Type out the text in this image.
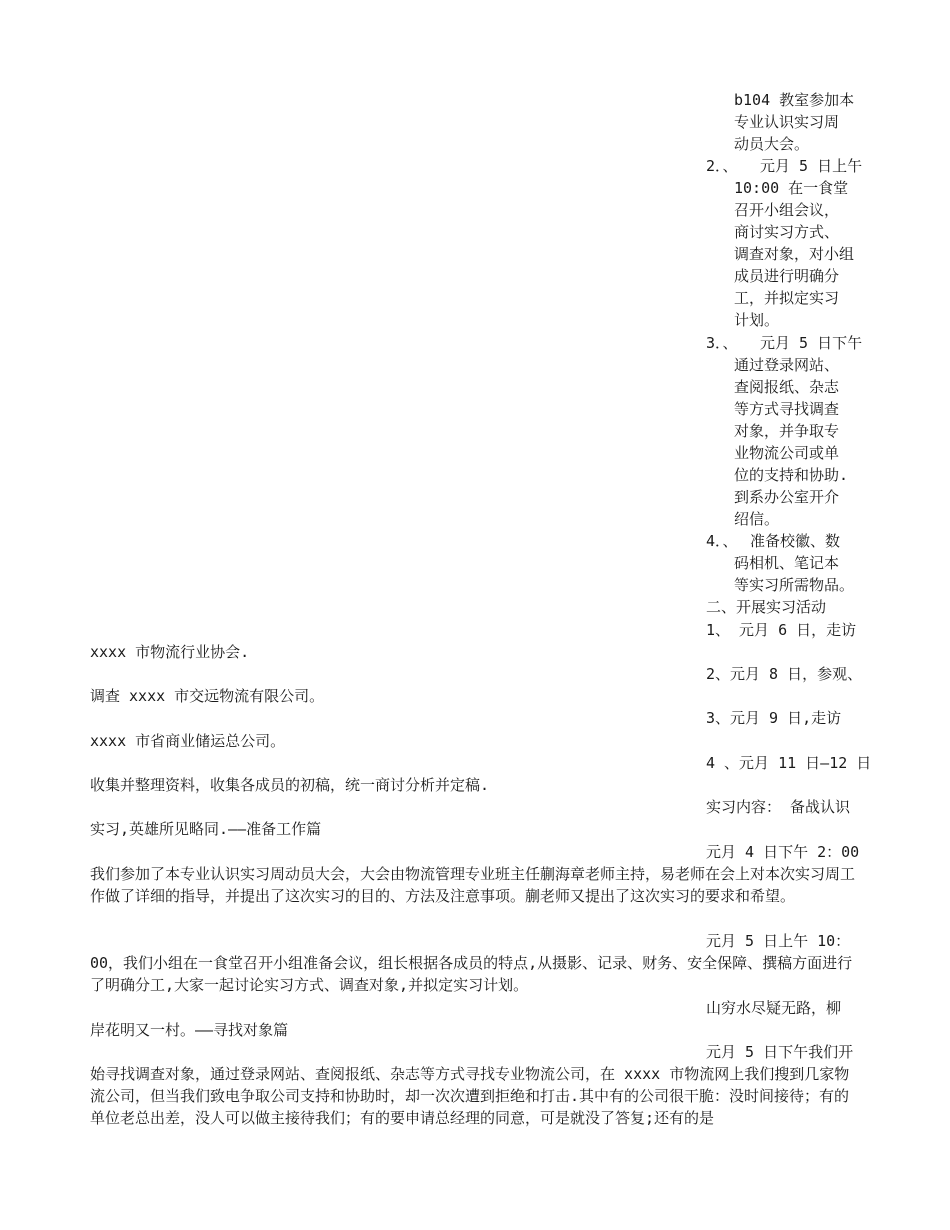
b104 教室参加本
专业认识实习周
动员大会。
2．、 元月 5 日上午
10:00 在一食堂
召开小组会议，
商讨实习方式、
调查对象，对小组
成员进行明确分
工，并拟定实习
计划。
3．、 元月 5 日下午
通过登录网站、
查阅报纸、杂志
等方式寻找调查
对象，并争取专
业物流公司或单
位的支持和协助.
到系办公室开介
绍信。
4．、 准备校徽、数
码相机、笔记本
等实习所需物品。
二、开展实习活动
1、 元月 6 日，走访
xxxx 市物流行业协会.
2、元月 8 日，参观、
调查 xxxx 市交远物流有限公司。
3、元月 9 日,走访
xxxx 市省商业储运总公司。
4 、元月 11 日—12 日
收集并整理资料，收集各成员的初稿，统一商讨分析并定稿.
实习内容： 备战认识
实习,英雄所见略同.——准备工作篇
元月 4 日下午 2：00
我们参加了本专业认识实习周动员大会，大会由物流管理专业班主任蒯海章老师主持，易老师在会上对本次实习周工作做了详细的指导，并提出了这次实习的目的、方法及注意事项。蒯老师又提出了这次实习的要求和希望。
元月 5 日上午 10：
00，我们小组在一食堂召开小组准备会议，组长根据各成员的特点,从摄影、记录、财务、安全保障、撰稿方面进行了明确分工,大家一起讨论实习方式、调查对象,并拟定实习计划。
山穷水尽疑无路，柳
岸花明又一村。——寻找对象篇
元月 5 日下午我们开
始寻找调查对象，通过登录网站、查阅报纸、杂志等方式寻找专业物流公司，在 xxxx 市物流网上我们搜到几家物流公司，但当我们致电争取公司支持和协助时，却一次次遭到拒绝和打击.其中有的公司很干脆：没时间接待；有的单位老总出差，没人可以做主接待我们；有的要申请总经理的同意，可是就没了答复;还有的是
